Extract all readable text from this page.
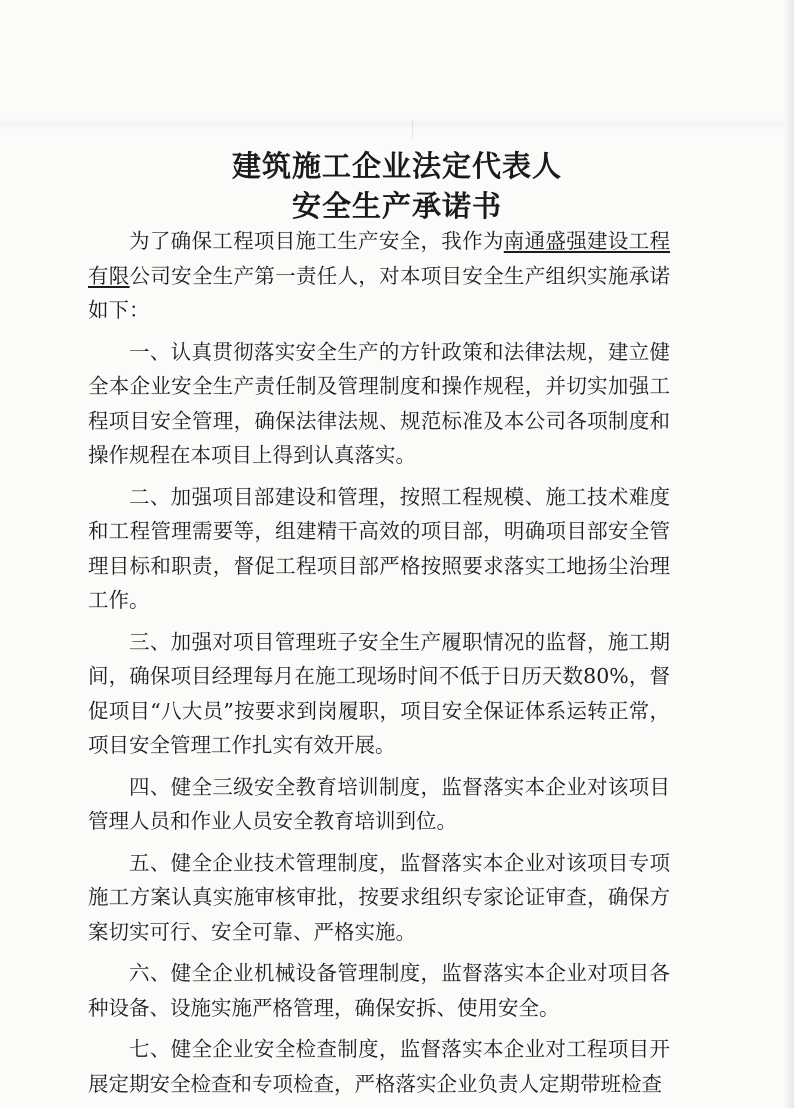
建筑施工企业法定代表人
安全生产承诺书

为了确保工程项目施工生产安全，我作为南通盛强建设工程有限公司安全生产第一责任人，对本项目安全生产组织实施承诺如下：

一、认真贯彻落实安全生产的方针政策和法律法规，建立健全本企业安全生产责任制及管理制度和操作规程，并切实加强工程项目安全管理，确保法律法规、规范标准及本公司各项制度和操作规程在本项目上得到认真落实。

二、加强项目部建设和管理，按照工程规模、施工技术难度和工程管理需要等，组建精干高效的项目部，明确项目部安全管理目标和职责，督促工程项目部严格按照要求落实工地扬尘治理工作。

三、加强对项目管理班子安全生产履职情况的监督，施工期间，确保项目经理每月在施工现场时间不低于日历天数80%，督促项目“八大员”按要求到岗履职，项目安全保证体系运转正常，项目安全管理工作扎实有效开展。

四、健全三级安全教育培训制度，监督落实本企业对该项目管理人员和作业人员安全教育培训到位。

五、健全企业技术管理制度，监督落实本企业对该项目专项施工方案认真实施审核审批，按要求组织专家论证审查，确保方案切实可行、安全可靠、严格实施。

六、健全企业机械设备管理制度，监督落实本企业对项目各种设备、设施实施严格管理，确保安拆、使用安全。

七、健全企业安全检查制度，监督落实本企业对工程项目开展定期安全检查和专项检查，严格落实企业负责人定期带班检查
